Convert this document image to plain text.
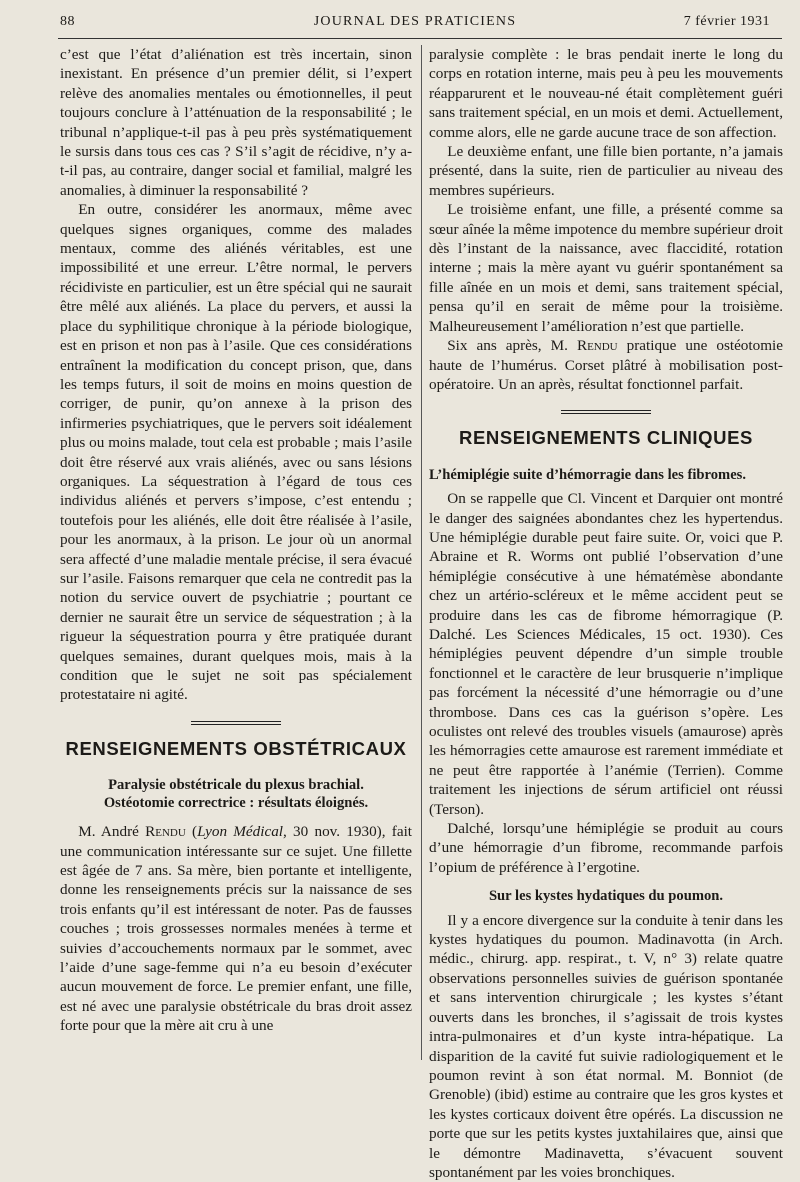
88	JOURNAL DES PRATICIENS	7 février 1931

c’est que l’état d’aliénation est très incertain, sinon inexistant. En présence d’un premier délit, si l’expert relève des anomalies mentales ou émotionnelles, il peut toujours conclure à l’atténuation de la responsabilité ; le tribunal n’applique-t-il pas à peu près systématiquement le sursis dans tous ces cas ? S’il s’agit de récidive, n’y a-t-il pas, au contraire, danger social et familial, malgré les anomalies, à diminuer la responsabilité ?

En outre, considérer les anormaux, même avec quelques signes organiques, comme des malades mentaux, comme des aliénés véritables, est une impossibilité et une erreur. L’être normal, le pervers récidiviste en particulier, est un être spécial qui ne saurait être mêlé aux aliénés. La place du pervers, et aussi la place du syphilitique chronique à la période biologique, est en prison et non pas à l’asile. Que ces considérations entraînent la modification du concept prison, que, dans les temps futurs, il soit de moins en moins question de corriger, de punir, qu’on annexe à la prison des infirmeries psychiatriques, que le pervers soit idéalement plus ou moins malade, tout cela est probable ; mais l’asile doit être réservé aux vrais aliénés, avec ou sans lésions organiques. La séquestration à l’égard de tous ces individus aliénés et pervers s’impose, c’est entendu ; toutefois pour les aliénés, elle doit être réalisée à l’asile, pour les anormaux, à la prison. Le jour où un anormal sera affecté d’une maladie mentale précise, il sera évacué sur l’asile. Faisons remarquer que cela ne contredit pas la notion du service ouvert de psychiatrie ; pourtant ce dernier ne saurait être un service de séquestration ; à la rigueur la séquestration pourra y être pratiquée durant quelques semaines, durant quelques mois, mais à la condition que le sujet ne soit pas spécialement protestataire ni agité.

RENSEIGNEMENTS OBSTÉTRICAUX
Paralysie obstétricale du plexus brachial.
Ostéotomie correctrice : résultats éloignés.

M. André Rendu (Lyon Médical, 30 nov. 1930), fait une communication intéressante sur ce sujet. Une fillette est âgée de 7 ans. Sa mère, bien portante et intelligente, donne les renseignements précis sur la naissance de ses trois enfants qu’il est intéressant de noter. Pas de fausses couches ; trois grossesses normales menées à terme et suivies d’accouchements normaux par le sommet, avec l’aide d’une sage-femme qui n’a eu besoin d’exécuter aucun mouvement de force. Le premier enfant, une fille, est né avec une paralysie obstétricale du bras droit assez forte pour que la mère ait cru à une

paralysie complète : le bras pendait inerte le long du corps en rotation interne, mais peu à peu les mouvements réapparurent et le nouveau-né était complètement guéri sans traitement spécial, en un mois et demi. Actuellement, comme alors, elle ne garde aucune trace de son affection.

Le deuxième enfant, une fille bien portante, n’a jamais présenté, dans la suite, rien de particulier au niveau des membres supérieurs.

Le troisième enfant, une fille, a présenté comme sa sœur aînée la même impotence du membre supérieur droit dès l’instant de la naissance, avec flaccidité, rotation interne ; mais la mère ayant vu guérir spontanément sa fille aînée en un mois et demi, sans traitement spécial, pensa qu’il en serait de même pour la troisième. Malheureusement l’amélioration n’est que partielle.

Six ans après, M. Rendu pratique une ostéotomie haute de l’humérus. Corset plâtré à mobilisation post-opératoire. Un an après, résultat fonctionnel parfait.

RENSEIGNEMENTS CLINIQUES
L’hémiplégie suite d’hémorragie dans les fibromes.

On se rappelle que Cl. Vincent et Darquier ont montré le danger des saignées abondantes chez les hypertendus. Une hémiplégie durable peut faire suite. Or, voici que P. Abraine et R. Worms ont publié l’observation d’une hémiplégie consécutive à une hématémèse abondante chez un artério-scléreux et le même accident peut se produire dans les cas de fibrome hémorragique (P. Dalché. Les Sciences Médicales, 15 oct. 1930). Ces hémiplégies peuvent dépendre d’un simple trouble fonctionnel et le caractère de leur brusquerie n’implique pas forcément la nécessité d’une hémorragie ou d’une thrombose. Dans ces cas la guérison s’opère. Les oculistes ont relevé des troubles visuels (amaurose) après les hémorragies cette amaurose est rarement immédiate et ne peut être rapportée à l’anémie (Terrien). Comme traitement les injections de sérum artificiel ont réussi (Terson).

Dalché, lorsqu’une hémiplégie se produit au cours d’une hémorragie d’un fibrome, recommande parfois l’opium de préférence à l’ergotine.

Sur les kystes hydatiques du poumon.

Il y a encore divergence sur la conduite à tenir dans les kystes hydatiques du poumon. Madinavotta (in Arch. médic., chirurg. app. respirat., t. V, n° 3) relate quatre observations personnelles suivies de guérison spontanée et sans intervention chirurgicale ; les kystes s’étant ouverts dans les bronches, il s’agissait de trois kystes intra-pulmonaires et d’un kyste intra-hépatique. La disparition de la cavité fut suivie radiologiquement et le poumon revint à son état normal. M. Bonniot (de Grenoble) (ibid) estime au contraire que les gros kystes et les kystes corticaux doivent être opérés. La discussion ne porte que sur les petits kystes juxtahilaires que, ainsi que le démontre Madinavetta, s’évacuent souvent spontanément par les voies bronchiques.
